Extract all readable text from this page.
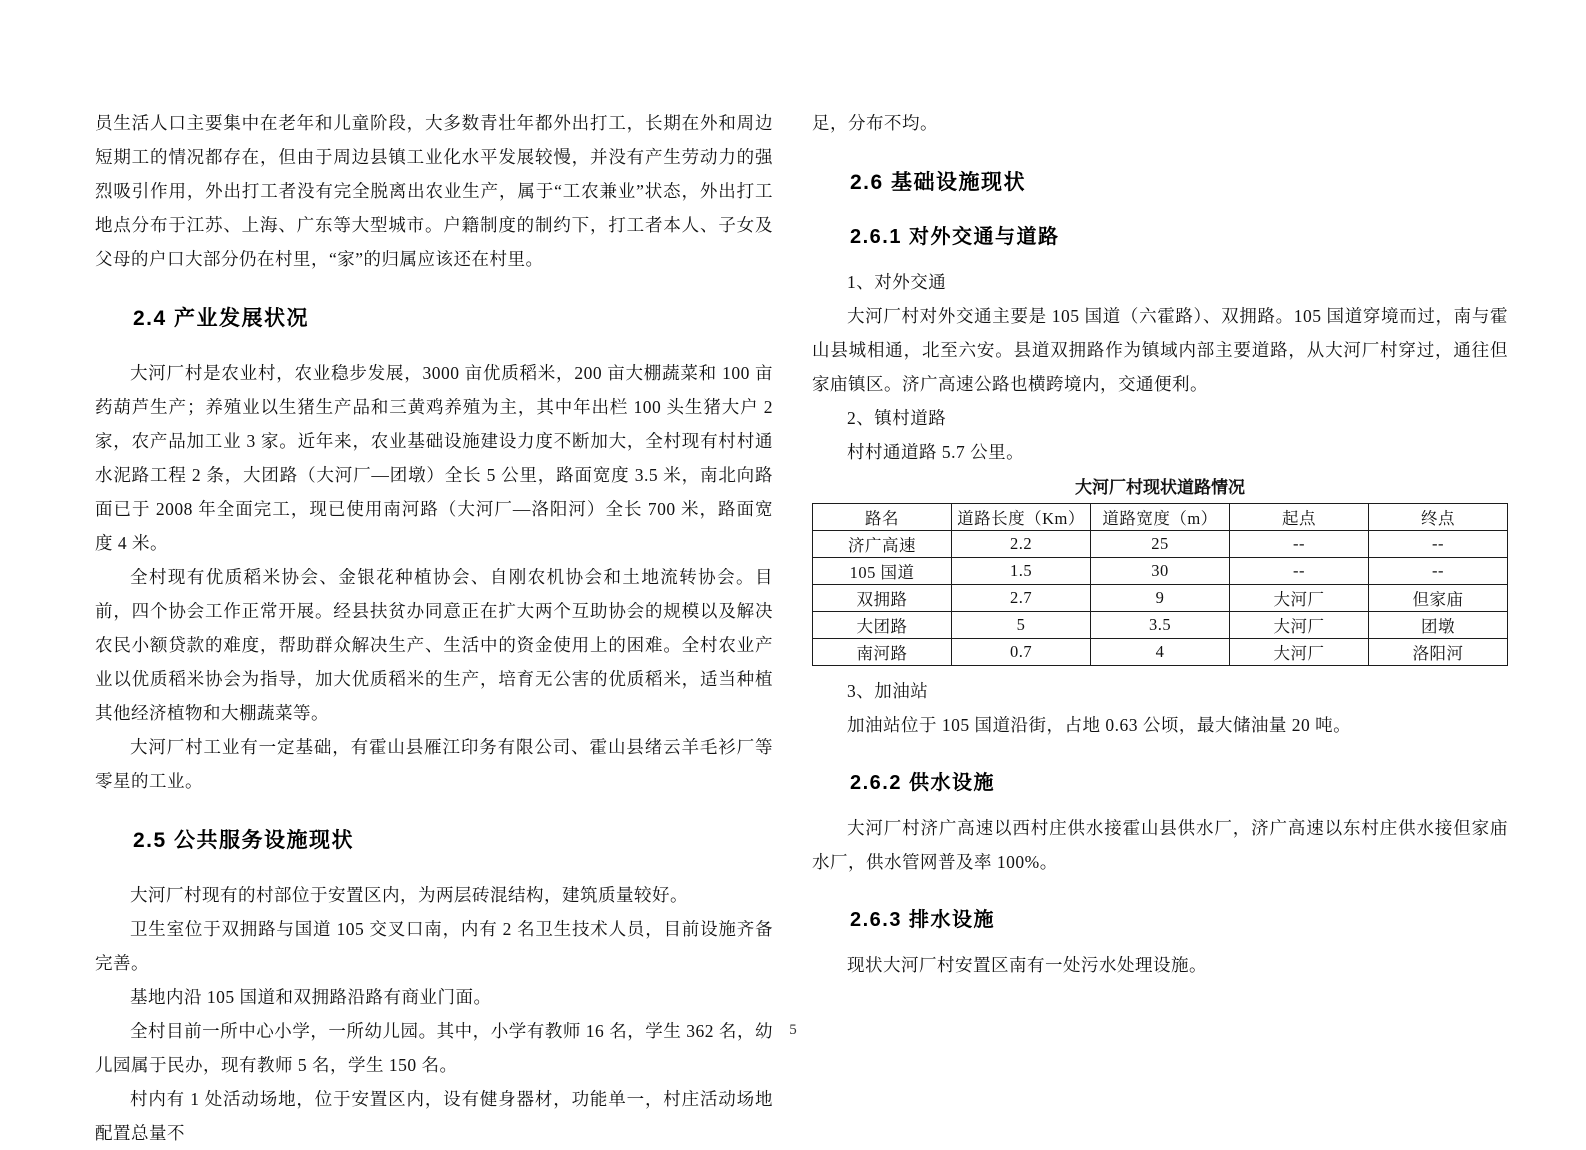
员生活人口主要集中在老年和儿童阶段，大多数青壮年都外出打工，长期在外和周边短期工的情况都存在，但由于周边县镇工业化水平发展较慢，并没有产生劳动力的强烈吸引作用，外出打工者没有完全脱离出农业生产，属于“工农兼业”状态，外出打工地点分布于江苏、上海、广东等大型城市。户籍制度的制约下，打工者本人、子女及父母的户口大部分仍在村里，“家”的归属应该还在村里。

2.4 产业发展状况

大河厂村是农业村，农业稳步发展，3000 亩优质稻米，200 亩大棚蔬菜和 100 亩药葫芦生产；养殖业以生猪生产品和三黄鸡养殖为主，其中年出栏 100 头生猪大户 2 家，农产品加工业 3 家。近年来，农业基础设施建设力度不断加大，全村现有村村通水泥路工程 2 条，大团路（大河厂—团墩）全长 5 公里，路面宽度 3.5 米，南北向路面已于 2008 年全面完工，现已使用南河路（大河厂—洛阳河）全长 700 米，路面宽度 4 米。

全村现有优质稻米协会、金银花种植协会、自刚农机协会和土地流转协会。目前，四个协会工作正常开展。经县扶贫办同意正在扩大两个互助协会的规模以及解决农民小额贷款的难度，帮助群众解决生产、生活中的资金使用上的困难。全村农业产业以优质稻米协会为指导，加大优质稻米的生产，培育无公害的优质稻米，适当种植其他经济植物和大棚蔬菜等。

大河厂村工业有一定基础，有霍山县雁江印务有限公司、霍山县绪云羊毛衫厂等零星的工业。

2.5 公共服务设施现状

大河厂村现有的村部位于安置区内，为两层砖混结构，建筑质量较好。

卫生室位于双拥路与国道 105 交叉口南，内有 2 名卫生技术人员，目前设施齐备完善。

基地内沿 105 国道和双拥路沿路有商业门面。

全村目前一所中心小学，一所幼儿园。其中，小学有教师 16 名，学生 362 名，幼儿园属于民办，现有教师 5 名，学生 150 名。

村内有 1 处活动场地，位于安置区内，设有健身器材，功能单一，村庄活动场地配置总量不

足，分布不均。

2.6 基础设施现状
2.6.1 对外交通与道路

1、对外交通

大河厂村对外交通主要是 105 国道（六霍路）、双拥路。105 国道穿境而过，南与霍山县城相通，北至六安。县道双拥路作为镇域内部主要道路，从大河厂村穿过，通往但家庙镇区。济广高速公路也横跨境内，交通便利。

2、镇村道路

村村通道路 5.7 公里。

大河厂村现状道路情况
路名	道路长度（Km）	道路宽度（m）	起点	终点
济广高速	2.2	25	--	--
105 国道	1.5	30	--	--
双拥路	2.7	9	大河厂	但家庙
大团路	5	3.5	大河厂	团墩
南河路	0.7	4	大河厂	洛阳河

3、加油站

加油站位于 105 国道沿街，占地 0.63 公顷，最大储油量 20 吨。

2.6.2 供水设施

大河厂村济广高速以西村庄供水接霍山县供水厂，济广高速以东村庄供水接但家庙水厂，供水管网普及率 100%。

2.6.3 排水设施

现状大河厂村安置区南有一处污水处理设施。

5
